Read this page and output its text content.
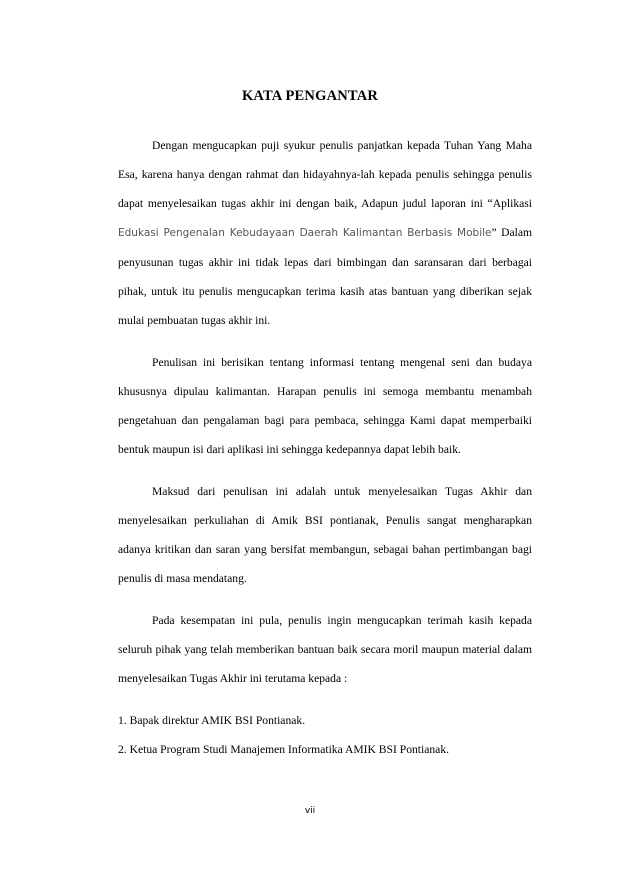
KATA PENGANTAR

Dengan mengucapkan puji syukur penulis panjatkan kepada Tuhan Yang Maha Esa, karena hanya dengan rahmat dan hidayahnya-lah kepada penulis sehingga penulis dapat menyelesaikan tugas akhir ini dengan baik, Adapun judul laporan ini “Aplikasi Edukasi Pengenalan Kebudayaan Daerah Kalimantan Berbasis Mobile” Dalam penyusunan tugas akhir ini tidak lepas dari bimbingan dan saransaran dari berbagai pihak, untuk itu penulis mengucapkan terima kasih atas bantuan yang diberikan sejak mulai pembuatan tugas akhir ini.

Penulisan ini berisikan tentang informasi tentang mengenal seni dan budaya khususnya dipulau kalimantan. Harapan penulis ini semoga membantu menambah pengetahuan dan pengalaman bagi para pembaca, sehingga Kami dapat memperbaiki bentuk maupun isi dari aplikasi ini sehingga kedepannya dapat lebih baik.

Maksud dari penulisan ini adalah untuk menyelesaikan Tugas Akhir dan menyelesaikan perkuliahan di Amik BSI pontianak, Penulis sangat mengharapkan adanya kritikan dan saran yang bersifat membangun, sebagai bahan pertimbangan bagi penulis di masa mendatang.

Pada kesempatan ini pula, penulis ingin mengucapkan terimah kasih kepada seluruh pihak yang telah memberikan bantuan baik secara moril maupun material dalam menyelesaikan Tugas Akhir ini terutama kepada :

1. Bapak direktur AMIK BSI Pontianak.
2. Ketua Program Studi Manajemen Informatika AMIK BSI Pontianak.
vii
